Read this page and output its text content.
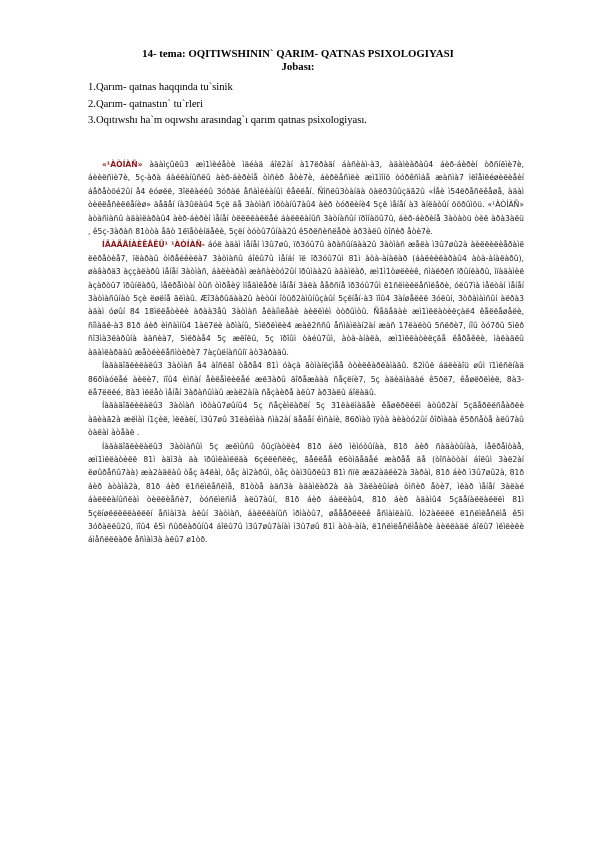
14- tema: OQITIWSHININ` QARIM- QATNAS PSIXOLOGIYASI
Jobası:
1.Qarım- qatnas haqqında tu`sinik
2.Qarım- qatnastın` tu`rleri
3.Oqıtıwshı ha`m oqıwshı arasındag`ı qarım qatnas psixologiyası.

«¹ÀÒÍÀÑ» àäàìçûëû3 æì1ìèéåòè ìäéàä áîë2àí à17ëðàäí áàñèàì-à3, àäàìèàðàû4 áèð-áèðèí òðñíëìè7è, áèèëñìè7è, 5ç-àðà áàéëàíûñëû àèð-áèðèíå òìñèð åòè7è, áèðëåñìëè æì1ìîíö òóðêñìáå æàñìà7 ìëîåìëéøèëèåèí áåðåòöé2ûí å4 ëóøëë, 3îëëàéëû 3óðàë åñàìëèàíûì êåëëåí. Ñîñëû3òàíäà öàëð3ûûçäã2û «Íåè ì54ëðåñëêåøå, àäàì òèëëåñèëëåíèø» äåãåí íà3ûëàû4 5çë äå 3àòìàñ ìðòàíû7àû4 àèð òóðëèíè4 5çë ìåíåí à3 àíëàòûí ööðûìöü. «¹ÀÒÍÀÑ» àòàñìàñû àäàìëàðàû4 àèð-áèðèí ìåíåí òëëëëàëëåé áàëëëàíûñ 3àòíàñûí ïðîíàöû7û, áèð-áèðèíå 3àòàòü òèë àðà3àëü , ê5ç-3àðàñ 81òòà åãò 1ëïåòèíäåëè, 5çëí òóòû7ûíàà2û ê5ðëñèñëåðè àð3àëû òîñèð åòè7è.

ÍÄÀÄÅÍÀÈÊÅËÛ¹ ¹ÀÒÍÀÑ- áóë àäàì ìåíåí ì3û7øû, ïð3óû7û àðàñûíäàà2û 3àòìàñ æåëà ì3û7øû2à àèëëèëèåðàìë ëëðåòèå7, ïëàðàû òìðåéêèëà7 3àòìàñû áîëû7û ìåíáí ïë ïð3óû7ûì 81ì àòà-àíàëàð (áàëèèëàðàû4 àòà-àíàëàðû), øàâàðä3 àççàëàðû ìåíåí 3àòìàñ, áàëèàðàì æàñàèòó2ûí ïðûìàà2û àäàìëàð, æì1ì1òøëëèê, ñìàëðëñ ïðûíëàðû, ìïàäàìèë àçàðòû7 ïðûíëàðû, ìåëðåìòàí òûñ òìðåèÿ ìïåäìëåðè ìåíåí 3àëà ååðñíå ïð3óû7ûì ë1ñëìèëëåñìëåðè, óëû7ìà ìåëòàí ìåíåí 3àòìàñûíàò 5çè ëøëíå ãëìàû. Æî3àðûäàà2û àèòûí îòûð2àìûíûçàûí 5çëíåí-à3 ïîû4 3àíøåëëë 3óëûí, 3òðàìàìñûí àëðà3 àäàì óøûí 84 18ìëëåòèëè àðàà3åû 3àòìàñ åëàíìëåàè àèëëìèì òòðûìòû. Ñåäåäàè æì1ìëëàòèëçàë4 êåëëåøåëè, ñîìàäê-à3 81ð áèð èìñàìíû4 1àë7ëè àðìàíû, 5ìëðëìëè4 æàë2ññû åñìàìëàí2àí æàñ 17ëàëòû 5ñëðè7, íîû òó7ðû 5ìëð ñî3ìà3ëàðûíà àäñèà7, 5ìëðàå4 5ç æëîëû, 5ç ïðîûì òàéû7ûì, àòà-àíàëà, æì1ìëëàòèëçãå êåðåêëè, ìàëàäëû àäàìëàðäàû æåòëèëåñìòèðè7 7àçûëíàñûíï àò3àðàäû.

Íàäàäîãëèëàëû3 3àòìàñ å4 àîñëãî òåðå4 81ì óàçà ãòìàíëçìåå òòèëêàðëàìàäû. ß2ìûë áäëèàîü øûì ï1ìëñëíàä 86ðìàóëåé àèëè7, ïîû4 èìñàí åèëåìëèëåé æë3àðû äîðåæààà ñåçëíè7, 5ç àäèäìàäàé ê5ðë7, êåøëðëìèë, 8à3-ëå7ëëëé, 8à3 ìëëåò ìåíåí 3àðàñûìàû æàë2àíà ñåçàèðå àëû7 àð3àëû áîëàäû.

Íàäàäîãëèëàëû3 3àòìàñ ìðòàû7øûíû4 5ç ñåçèìëàðëí 5ç 31ëàëìàäåè êåøëðëëëì àòûð2àí 5çãåðëëñåàðëè àäèàã2à æëìàì í1çèë, ìëëàëí, ì3û7øû 31ëàëìàà ñìà2àí äåãåí êìñàíè, 86ðìàò ïÿòà àèàòó2ûí ôîðìàäà ê5ðñåòå àëû7àû òàëàì àòåàë .

Íàäàäîãëèëàëû3 3àòìàñûì 5ç æëìûñû ôûçïàòëè4 81ð áèð ìèìóòûíàà, 81ð àèð ñàäàòûíàà, ìåëðåìòàå, æì1ìëëàòèëë 81ì àäì3à äà ïðûìëàìëëäà 6çëëëñëëç, ãåëëåå ë6òìãåäåé æàðåå äå (òîñàòòàí áîëûì 3àë2àí ëøûðåñû7àà) æà2àäëàû òåç ä4ëàì, òåç àì2àðûì, òåç òàì3ûðëû3 81ì ñïë æä2àäëè2à 3àðàì, 81ð áèð ì3û7øû2à, 81ð áèð àòàìà2à, 81ð áèð ë1ñëìëåñëìå, 81òòå àäñ3à àäàìëàð2à äà 3àëàëûíøà òìñèð åòè7, ìëàð ìåíåí 3àëàé áàëëëàíûñëàì òèëëèåñè7, òóñëìëñìå àëû7àûí, 81ð áèð áàëëàû4, 81ð áèð àäàìû4 5çãåíàëëàëëëì 81ì 5çëíøëëëëëàëëëí åñìàì3à àëûí 3àòìàñ, áàëëëàíûñ ìðìàòû7, øåååðëëëê åñìàìëàíû. Ìò2àëëëë ë1ñëìëåñëìå ê5ì 3óðàëëû2û, ïîû4 ê5ì ñûðëàðûíû4 áîëû7û ì3û7øû7àíàì ì3û7øû 81ì àòà-àíà, ë1ñëìëåñëìåàðè àèëëàäë áîëû7 ìëìëèëè áìåñëëëàðë åñìàì3à àëû7 ø1òð.
